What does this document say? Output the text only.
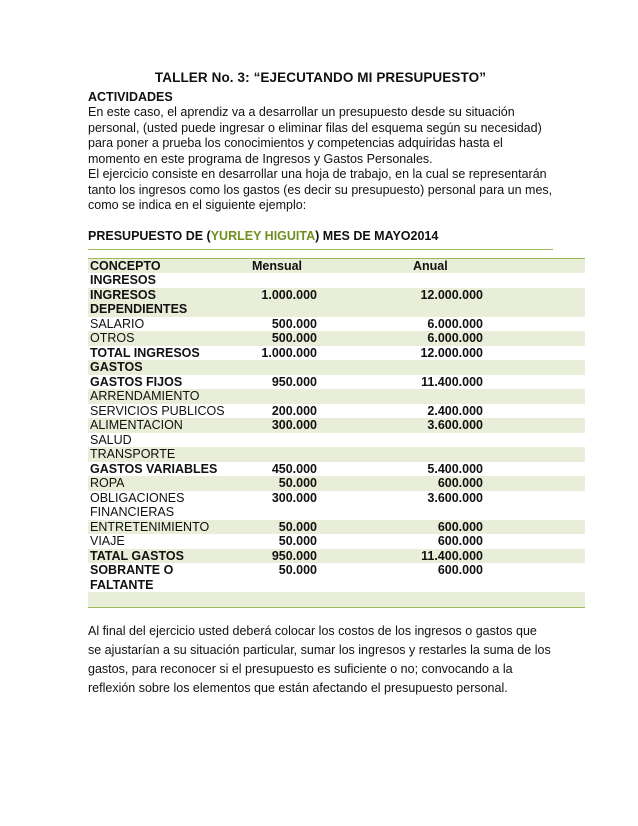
TALLER No. 3: “EJECUTANDO MI PRESUPUESTO”
ACTIVIDADES

En este caso, el aprendiz va a desarrollar un presupuesto desde su situación personal, (usted puede ingresar o eliminar filas del esquema según su necesidad) para poner a prueba los conocimientos y competencias adquiridas hasta el momento en este programa de Ingresos y Gastos Personales.

El ejercicio consiste en desarrollar una hoja de trabajo, en la cual se representarán tanto los ingresos como los gastos (es decir su presupuesto) personal para un mes, como se indica en el siguiente ejemplo:

PRESUPUESTO DE (YURLEY HIGUITA) MES DE MAYO2014
CONCEPTO	Mensual	Anual
INGRESOS		
INGRESOS	1.000.000	12.000.000
DEPENDIENTES		
SALARIO	500.000	6.000.000
OTROS	500.000	6.000.000
TOTAL INGRESOS	1.000.000	12.000.000
GASTOS		
GASTOS FIJOS	950.000	11.400.000
ARRENDAMIENTO		
SERVICIOS PUBLICOS	200.000	2.400.000
ALIMENTACION	300.000	3.600.000
SALUD		
TRANSPORTE		
GASTOS VARIABLES	450.000	5.400.000
ROPA	50.000	600.000
OBLIGACIONES FINANCIERAS	300.000	3.600.000
ENTRETENIMIENTO	50.000	600.000
VIAJE	50.000	600.000
TATAL GASTOS	950.000	11.400.000
SOBRANTE O FALTANTE	50.000	600.000

Al final del ejercicio usted deberá colocar los costos de los ingresos o gastos que se ajustarían a su situación particular, sumar los ingresos y restarles la suma de los gastos, para reconocer si el presupuesto es suficiente o no; convocando a la reflexión sobre los elementos que están afectando el presupuesto personal.
